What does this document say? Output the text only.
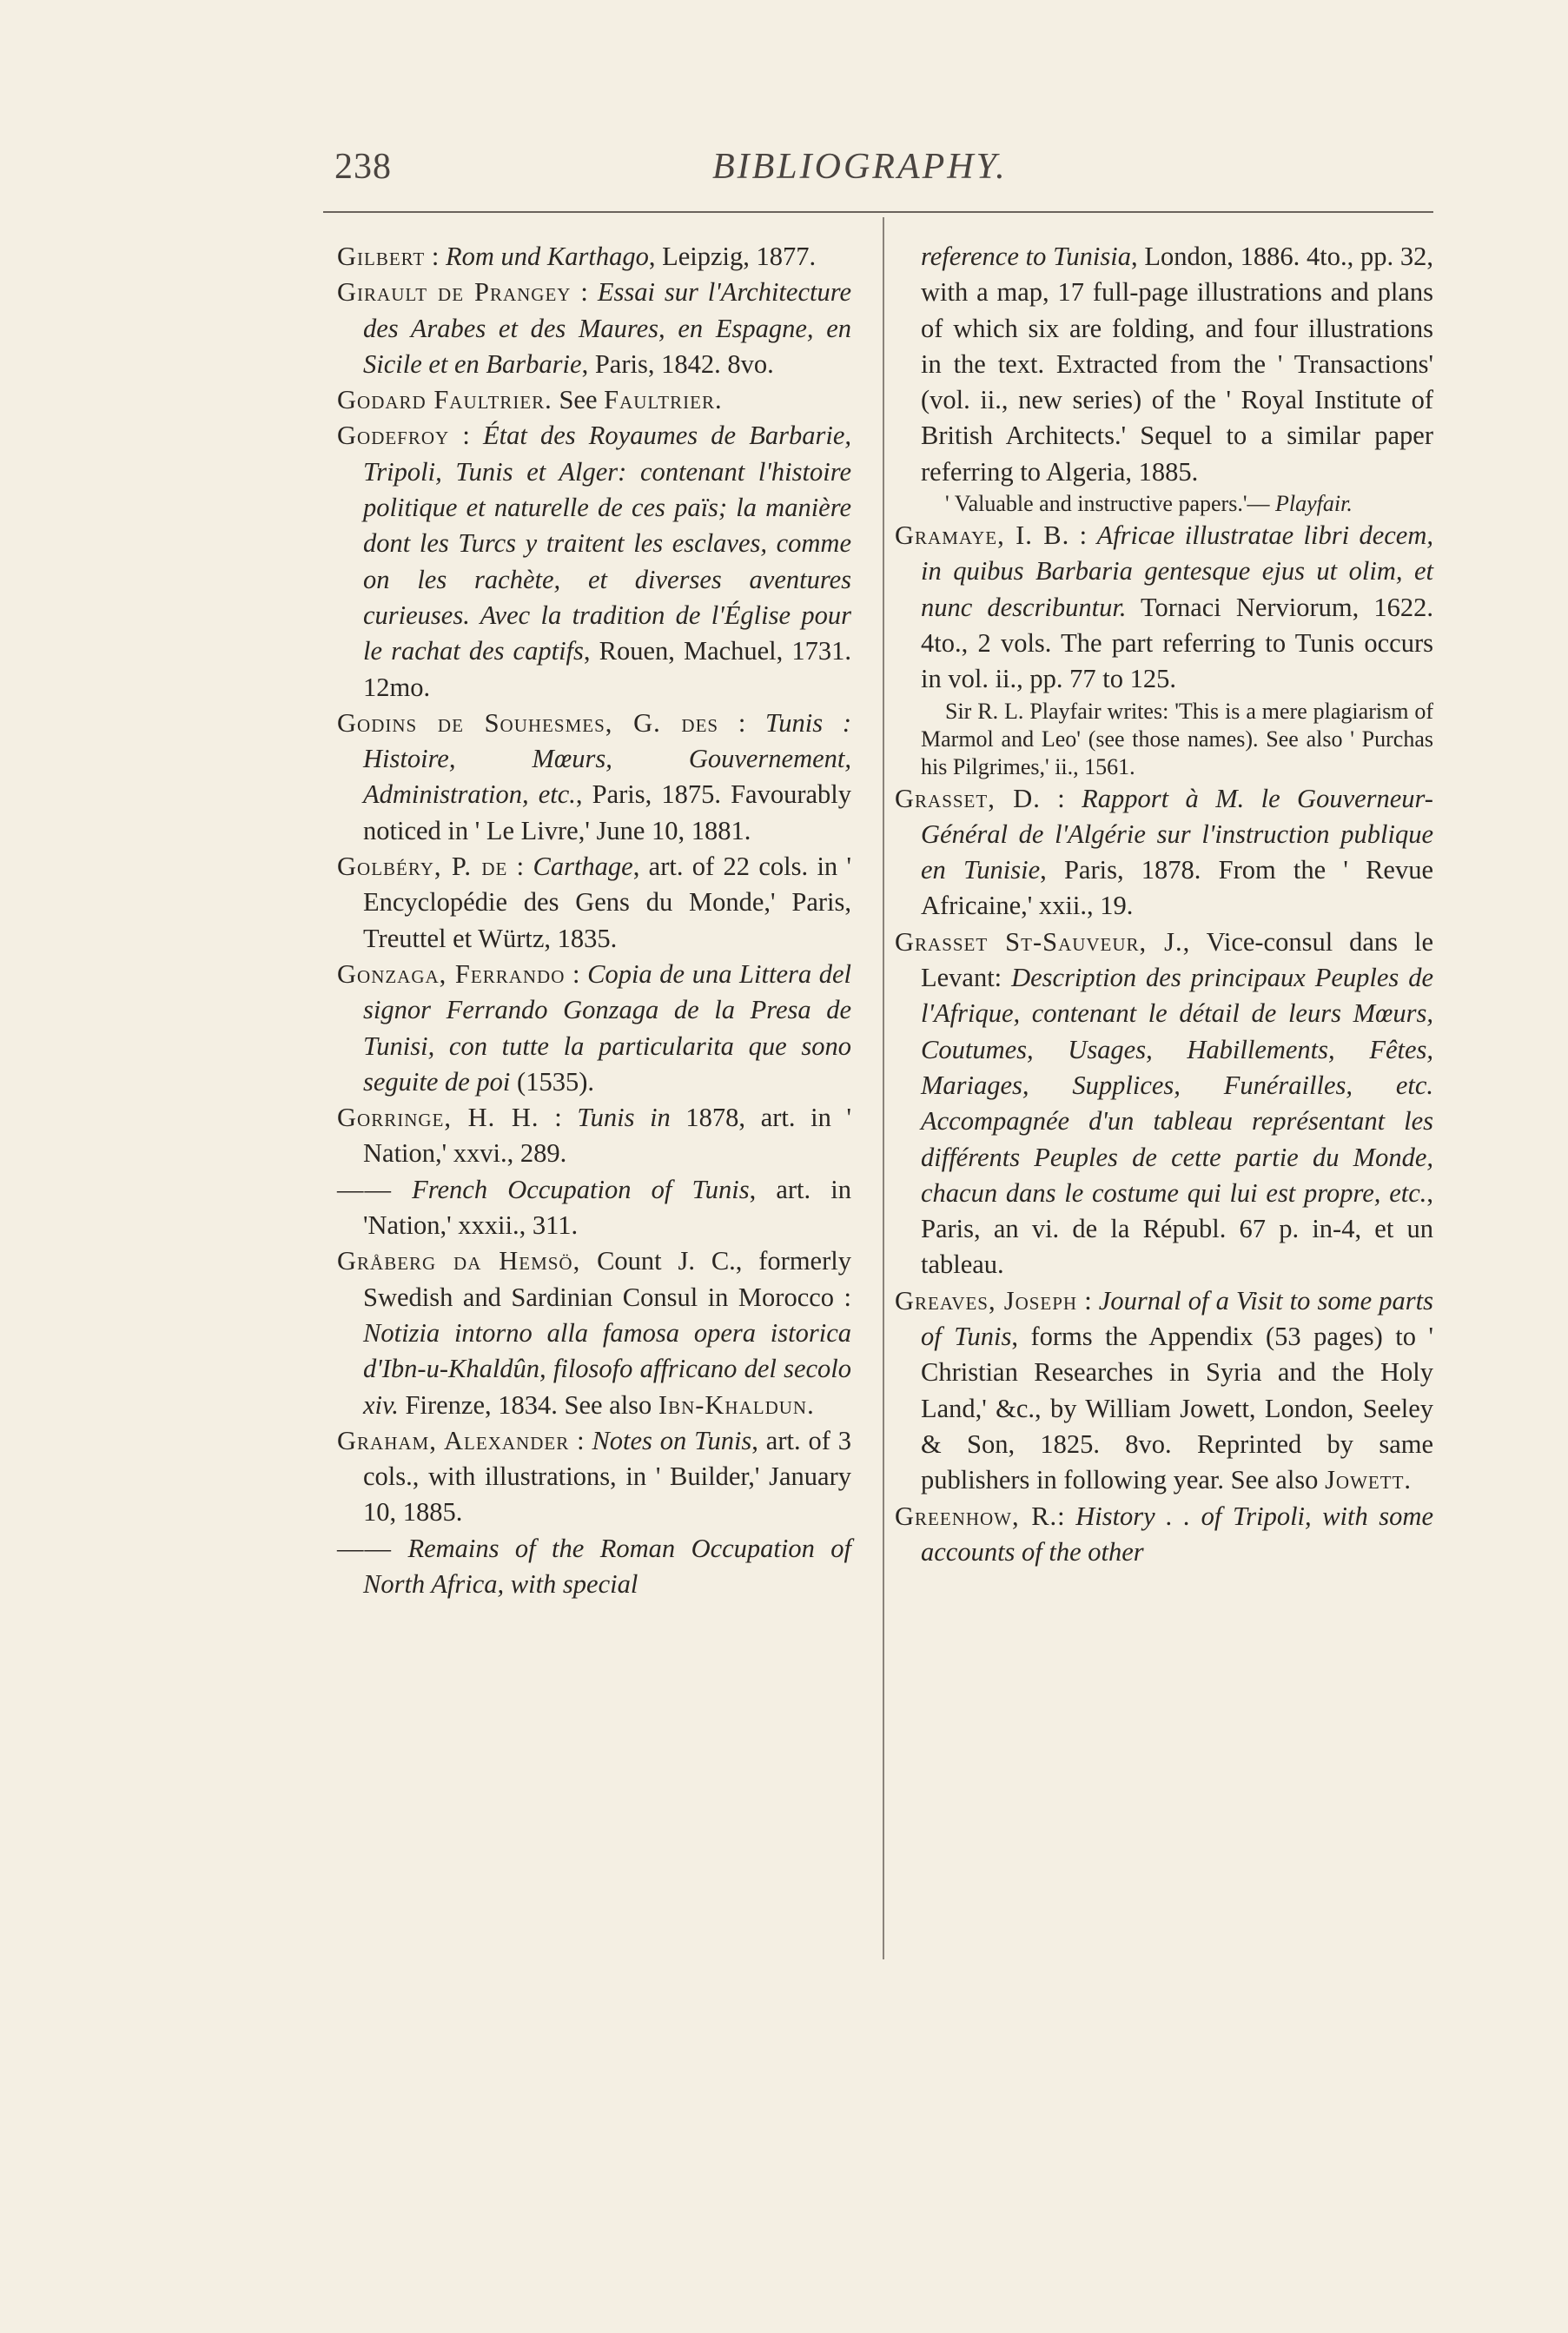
238	BIBLIOGRAPHY.

Gilbert : Rom und Karthago, Leipzig, 1877.

Girault de Prangey : Essai sur l'Architecture des Arabes et des Maures, en Espagne, en Sicile et en Barbarie, Paris, 1842. 8vo.

Godard Faultrier. See Faultrier.

Godefroy : État des Royaumes de Barbarie, Tripoli, Tunis et Alger: contenant l'histoire politique et naturelle de ces païs; la manière dont les Turcs y traitent les esclaves, comme on les rachète, et diverses aventures curieuses. Avec la tradition de l'Église pour le rachat des captifs, Rouen, Machuel, 1731. 12mo.

Godins de Souhesmes, G. des : Tunis : Histoire, Mœurs, Gouvernement, Administration, etc., Paris, 1875. Favourably noticed in ' Le Livre,' June 10, 1881.

Golbéry, P. de : Carthage, art. of 22 cols. in ' Encyclopédie des Gens du Monde,' Paris, Treuttel et Würtz, 1835.

Gonzaga, Ferrando : Copia de una Littera del signor Ferrando Gonzaga de la Presa de Tunisi, con tutte la particularita que sono seguite de poi (1535).

Gorringe, H. H. : Tunis in 1878, art. in ' Nation,' xxvi., 289.

—— French Occupation of Tunis, art. in 'Nation,' xxxii., 311.

Gråberg da Hemsö, Count J. C., formerly Swedish and Sardinian Consul in Morocco : Notizia intorno alla famosa opera istorica d'Ibn-u-Khaldûn, filosofo affricano del secolo xiv. Firenze, 1834. See also Ibn-Khaldun.

Graham, Alexander : Notes on Tunis, art. of 3 cols., with illustrations, in ' Builder,' January 10, 1885.

—— Remains of the Roman Occupation of North Africa, with special

reference to Tunisia, London, 1886. 4to., pp. 32, with a map, 17 full-page illustrations and plans of which six are folding, and four illustrations in the text. Extracted from the ' Transactions' (vol. ii., new series) of the ' Royal Institute of British Architects.' Sequel to a similar paper referring to Algeria, 1885.

' Valuable and instructive papers.'— Playfair.

Gramaye, I. B. : Africae illustratae libri decem, in quibus Barbaria gentesque ejus ut olim, et nunc describuntur. Tornaci Nerviorum, 1622. 4to., 2 vols. The part referring to Tunis occurs in vol. ii., pp. 77 to 125.

Sir R. L. Playfair writes: 'This is a mere plagiarism of Marmol and Leo' (see those names). See also ' Purchas his Pilgrimes,' ii., 1561.

Grasset, D. : Rapport à M. le Gouverneur-Général de l'Algérie sur l'instruction publique en Tunisie, Paris, 1878. From the ' Revue Africaine,' xxii., 19.

Grasset St-Sauveur, J., Vice-consul dans le Levant: Description des principaux Peuples de l'Afrique, contenant le détail de leurs Mœurs, Coutumes, Usages, Habillements, Fêtes, Mariages, Supplices, Funérailles, etc. Accompagnée d'un tableau représentant les différents Peuples de cette partie du Monde, chacun dans le costume qui lui est propre, etc., Paris, an vi. de la Républ. 67 p. in-4, et un tableau.

Greaves, Joseph : Journal of a Visit to some parts of Tunis, forms the Appendix (53 pages) to ' Christian Researches in Syria and the Holy Land,' &c., by William Jowett, London, Seeley & Son, 1825. 8vo. Reprinted by same publishers in following year. See also Jowett.

Greenhow, R.: History . . of Tripoli, with some accounts of the other
